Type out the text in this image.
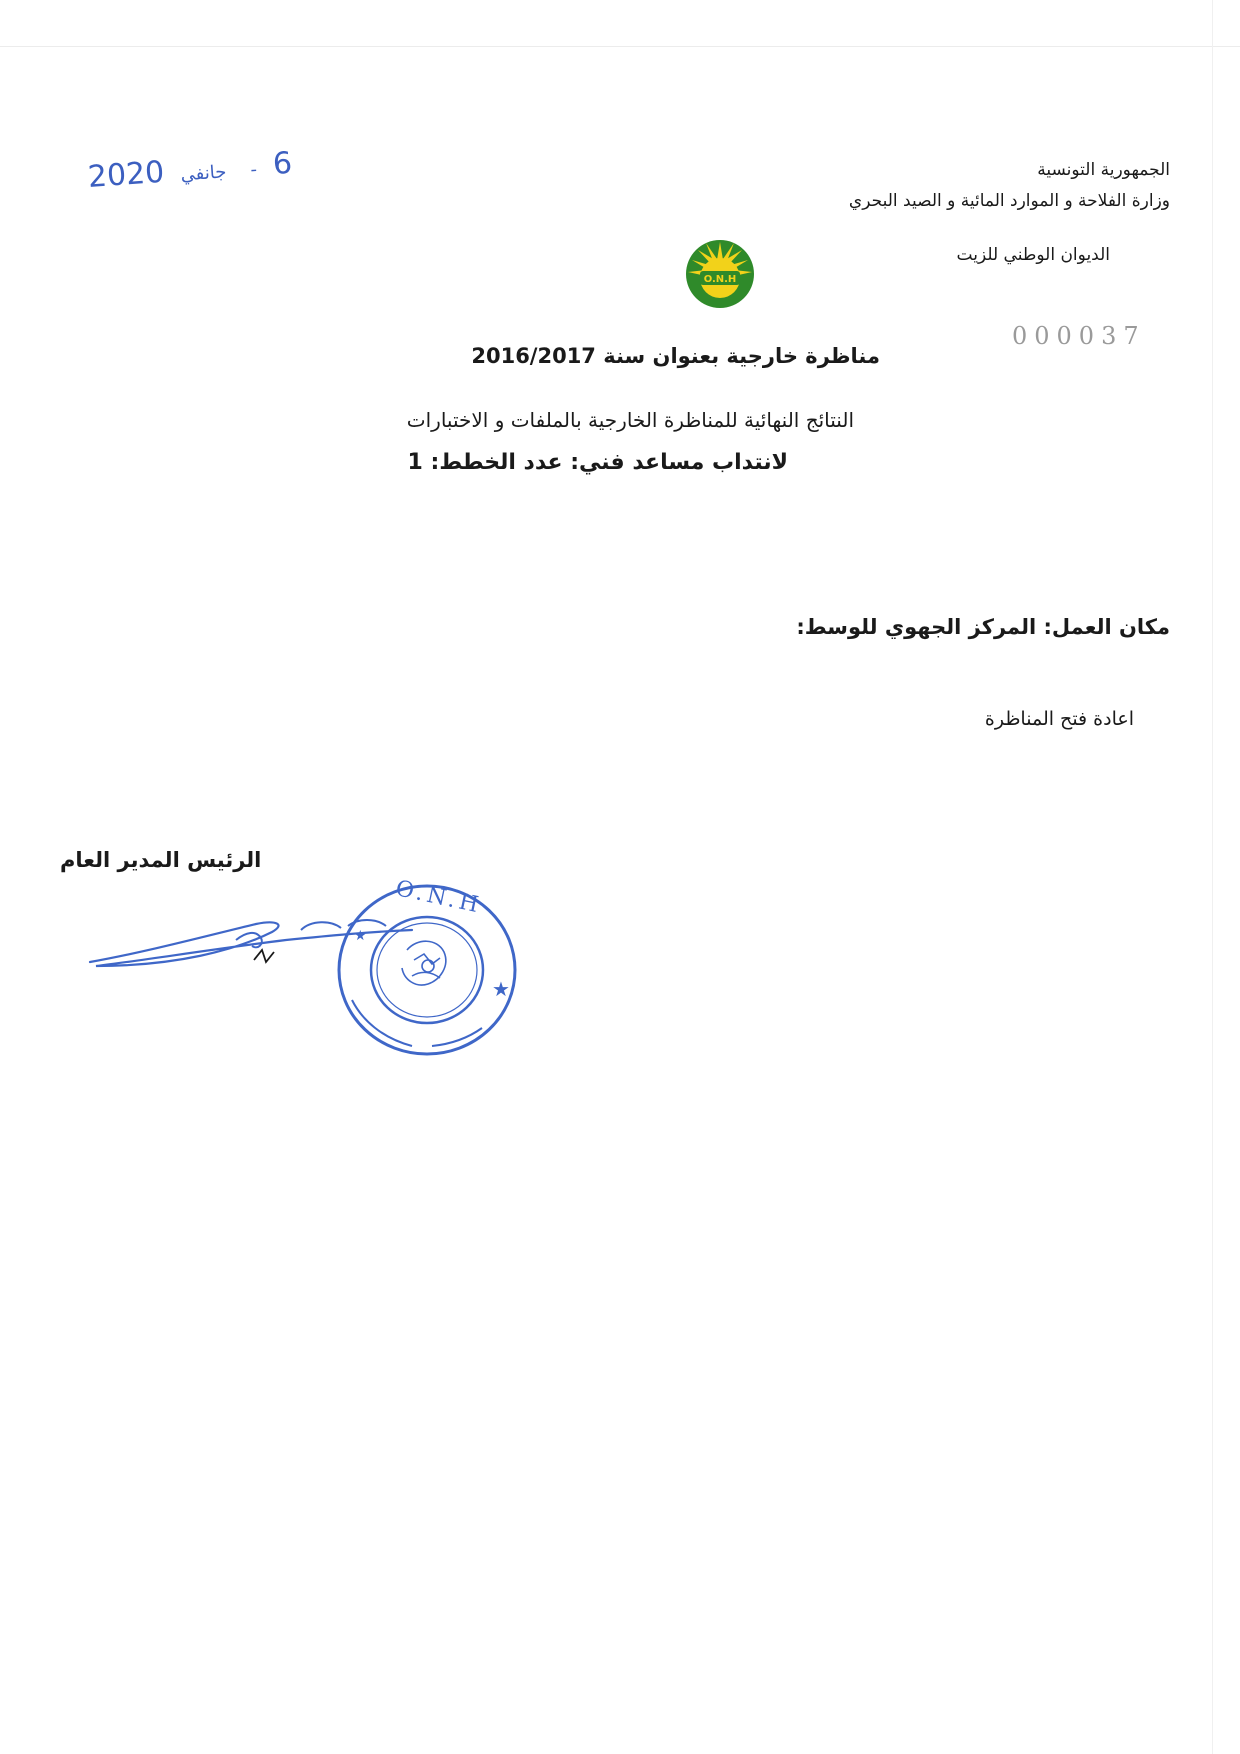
الجمهورية التونسية
وزارة الفلاحة و الموارد المائية و الصيد البحري
الديوان الوطني للزيت
O.N.H
2020 جانفي - 6
000037
مناظرة خارجية بعنوان سنة 2016/2017
النتائج النهائية للمناظرة الخارجية بالملفات و الاختبارات
لانتداب مساعد فني: عدد الخطط: 1
مكان العمل: المركز الجهوي للوسط:
اعادة فتح المناظرة
الرئيس المدير العام
★
★
O.N.H
